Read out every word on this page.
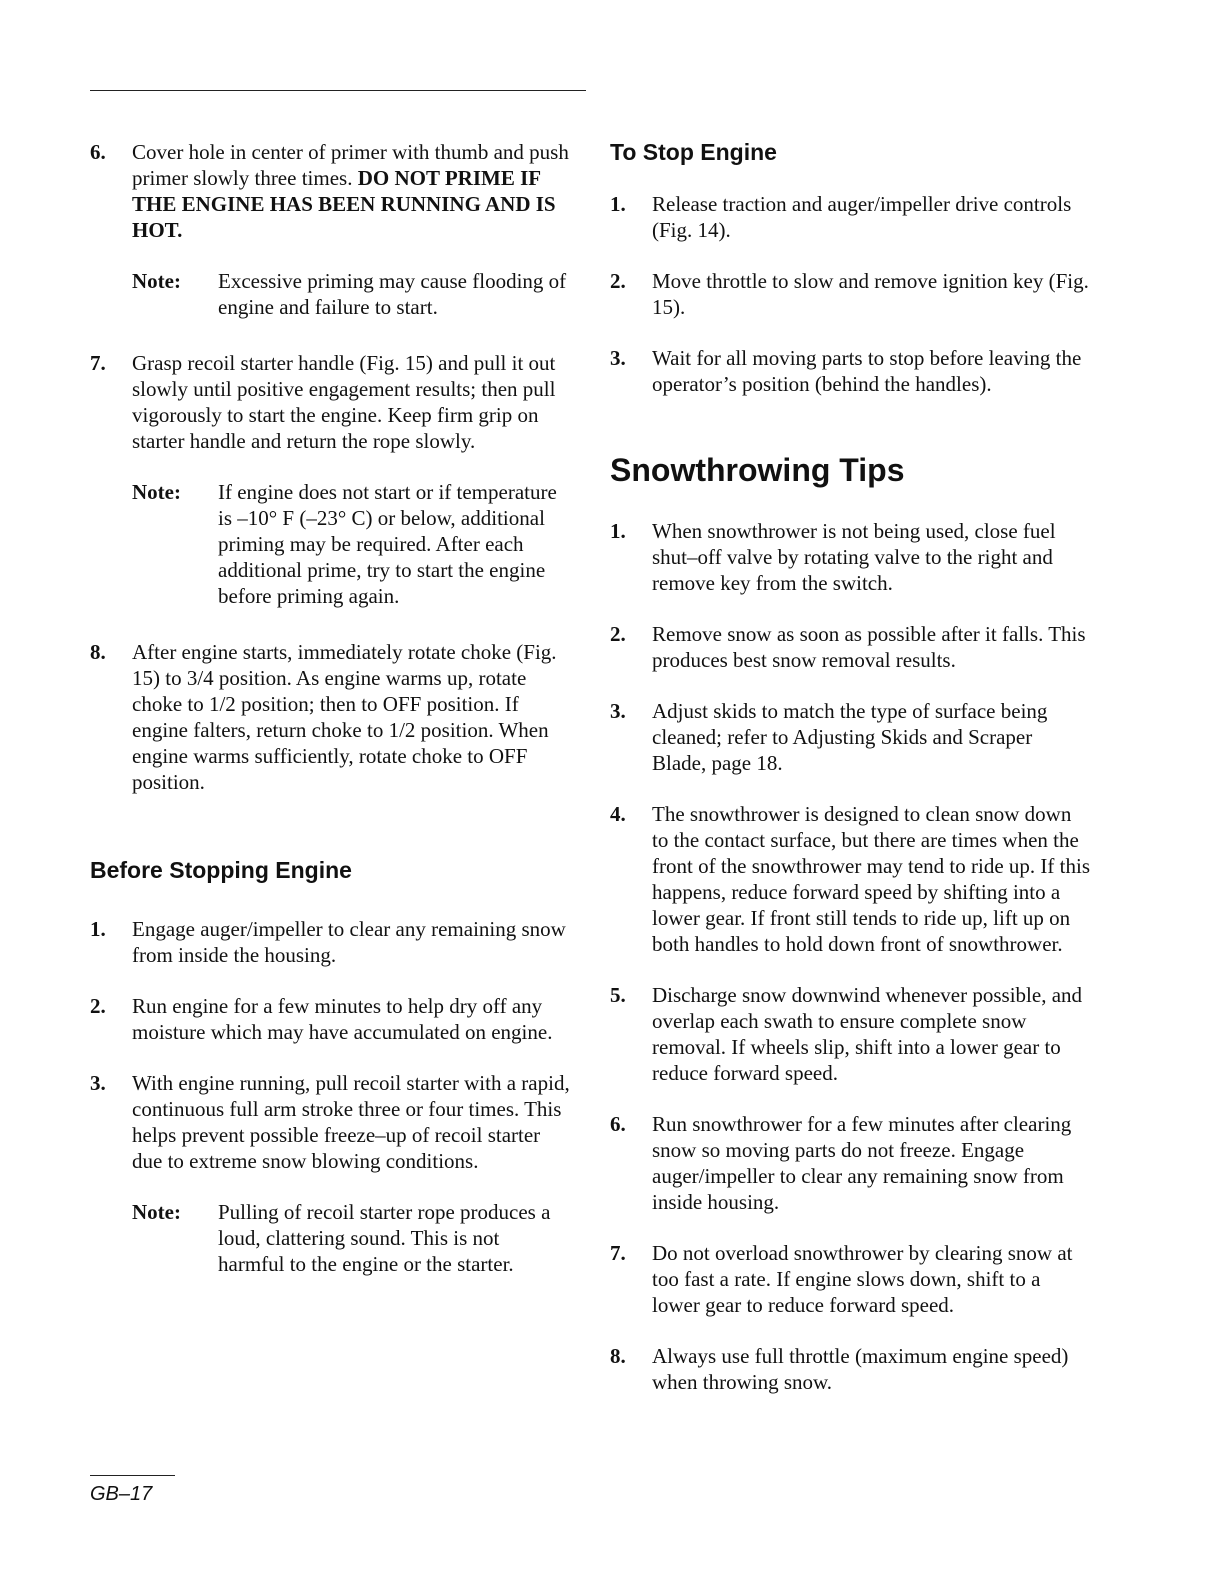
6.	Cover hole in center of primer with thumb and push primer slowly three times. DO NOT PRIME IF THE ENGINE HAS BEEN RUNNING AND IS HOT.
Note:	Excessive priming may cause flooding of engine and failure to start.
7.	Grasp recoil starter handle (Fig. 15) and pull it out slowly until positive engagement results; then pull vigorously to start the engine. Keep firm grip on starter handle and return the rope slowly.
Note:	If engine does not start or if temperature is –10° F (–23° C) or below, additional priming may be required. After each additional prime, try to start the engine before priming again.
8.	After engine starts, immediately rotate choke (Fig. 15) to 3/4 position. As engine warms up, rotate choke to 1/2 position; then to OFF position. If engine falters, return choke to 1/2 position. When engine warms sufficiently, rotate choke to OFF position.
Before Stopping Engine
1.	Engage auger/impeller to clear any remaining snow from inside the housing.
2.	Run engine for a few minutes to help dry off any moisture which may have accumulated on engine.
3.	With engine running, pull recoil starter with a rapid, continuous full arm stroke three or four times. This helps prevent possible freeze–up of recoil starter due to extreme snow blowing conditions.
Note:	Pulling of recoil starter rope produces a loud, clattering sound. This is not harmful to the engine or the starter.
To Stop Engine
1.	Release traction and auger/impeller drive controls (Fig. 14).
2.	Move throttle to slow and remove ignition key (Fig. 15).
3.	Wait for all moving parts to stop before leaving the operator’s position (behind the handles).
Snowthrowing Tips
1.	When snowthrower is not being used, close fuel shut–off valve by rotating valve to the right and remove key from the switch.
2.	Remove snow as soon as possible after it falls. This produces best snow removal results.
3.	Adjust skids to match the type of surface being cleaned; refer to Adjusting Skids and Scraper Blade, page 18.
4.	The snowthrower is designed to clean snow down to the contact surface, but there are times when the front of the snowthrower may tend to ride up. If this happens, reduce forward speed by shifting into a lower gear. If front still tends to ride up, lift up on both handles to hold down front of snowthrower.
5.	Discharge snow downwind whenever possible, and overlap each swath to ensure complete snow removal. If wheels slip, shift into a lower gear to reduce forward speed.
6.	Run snowthrower for a few minutes after clearing snow so moving parts do not freeze. Engage auger/impeller to clear any remaining snow from inside housing.
7.	Do not overload snowthrower by clearing snow at too fast a rate. If engine slows down, shift to a lower gear to reduce forward speed.
8.	Always use full throttle (maximum engine speed) when throwing snow.
GB–17
